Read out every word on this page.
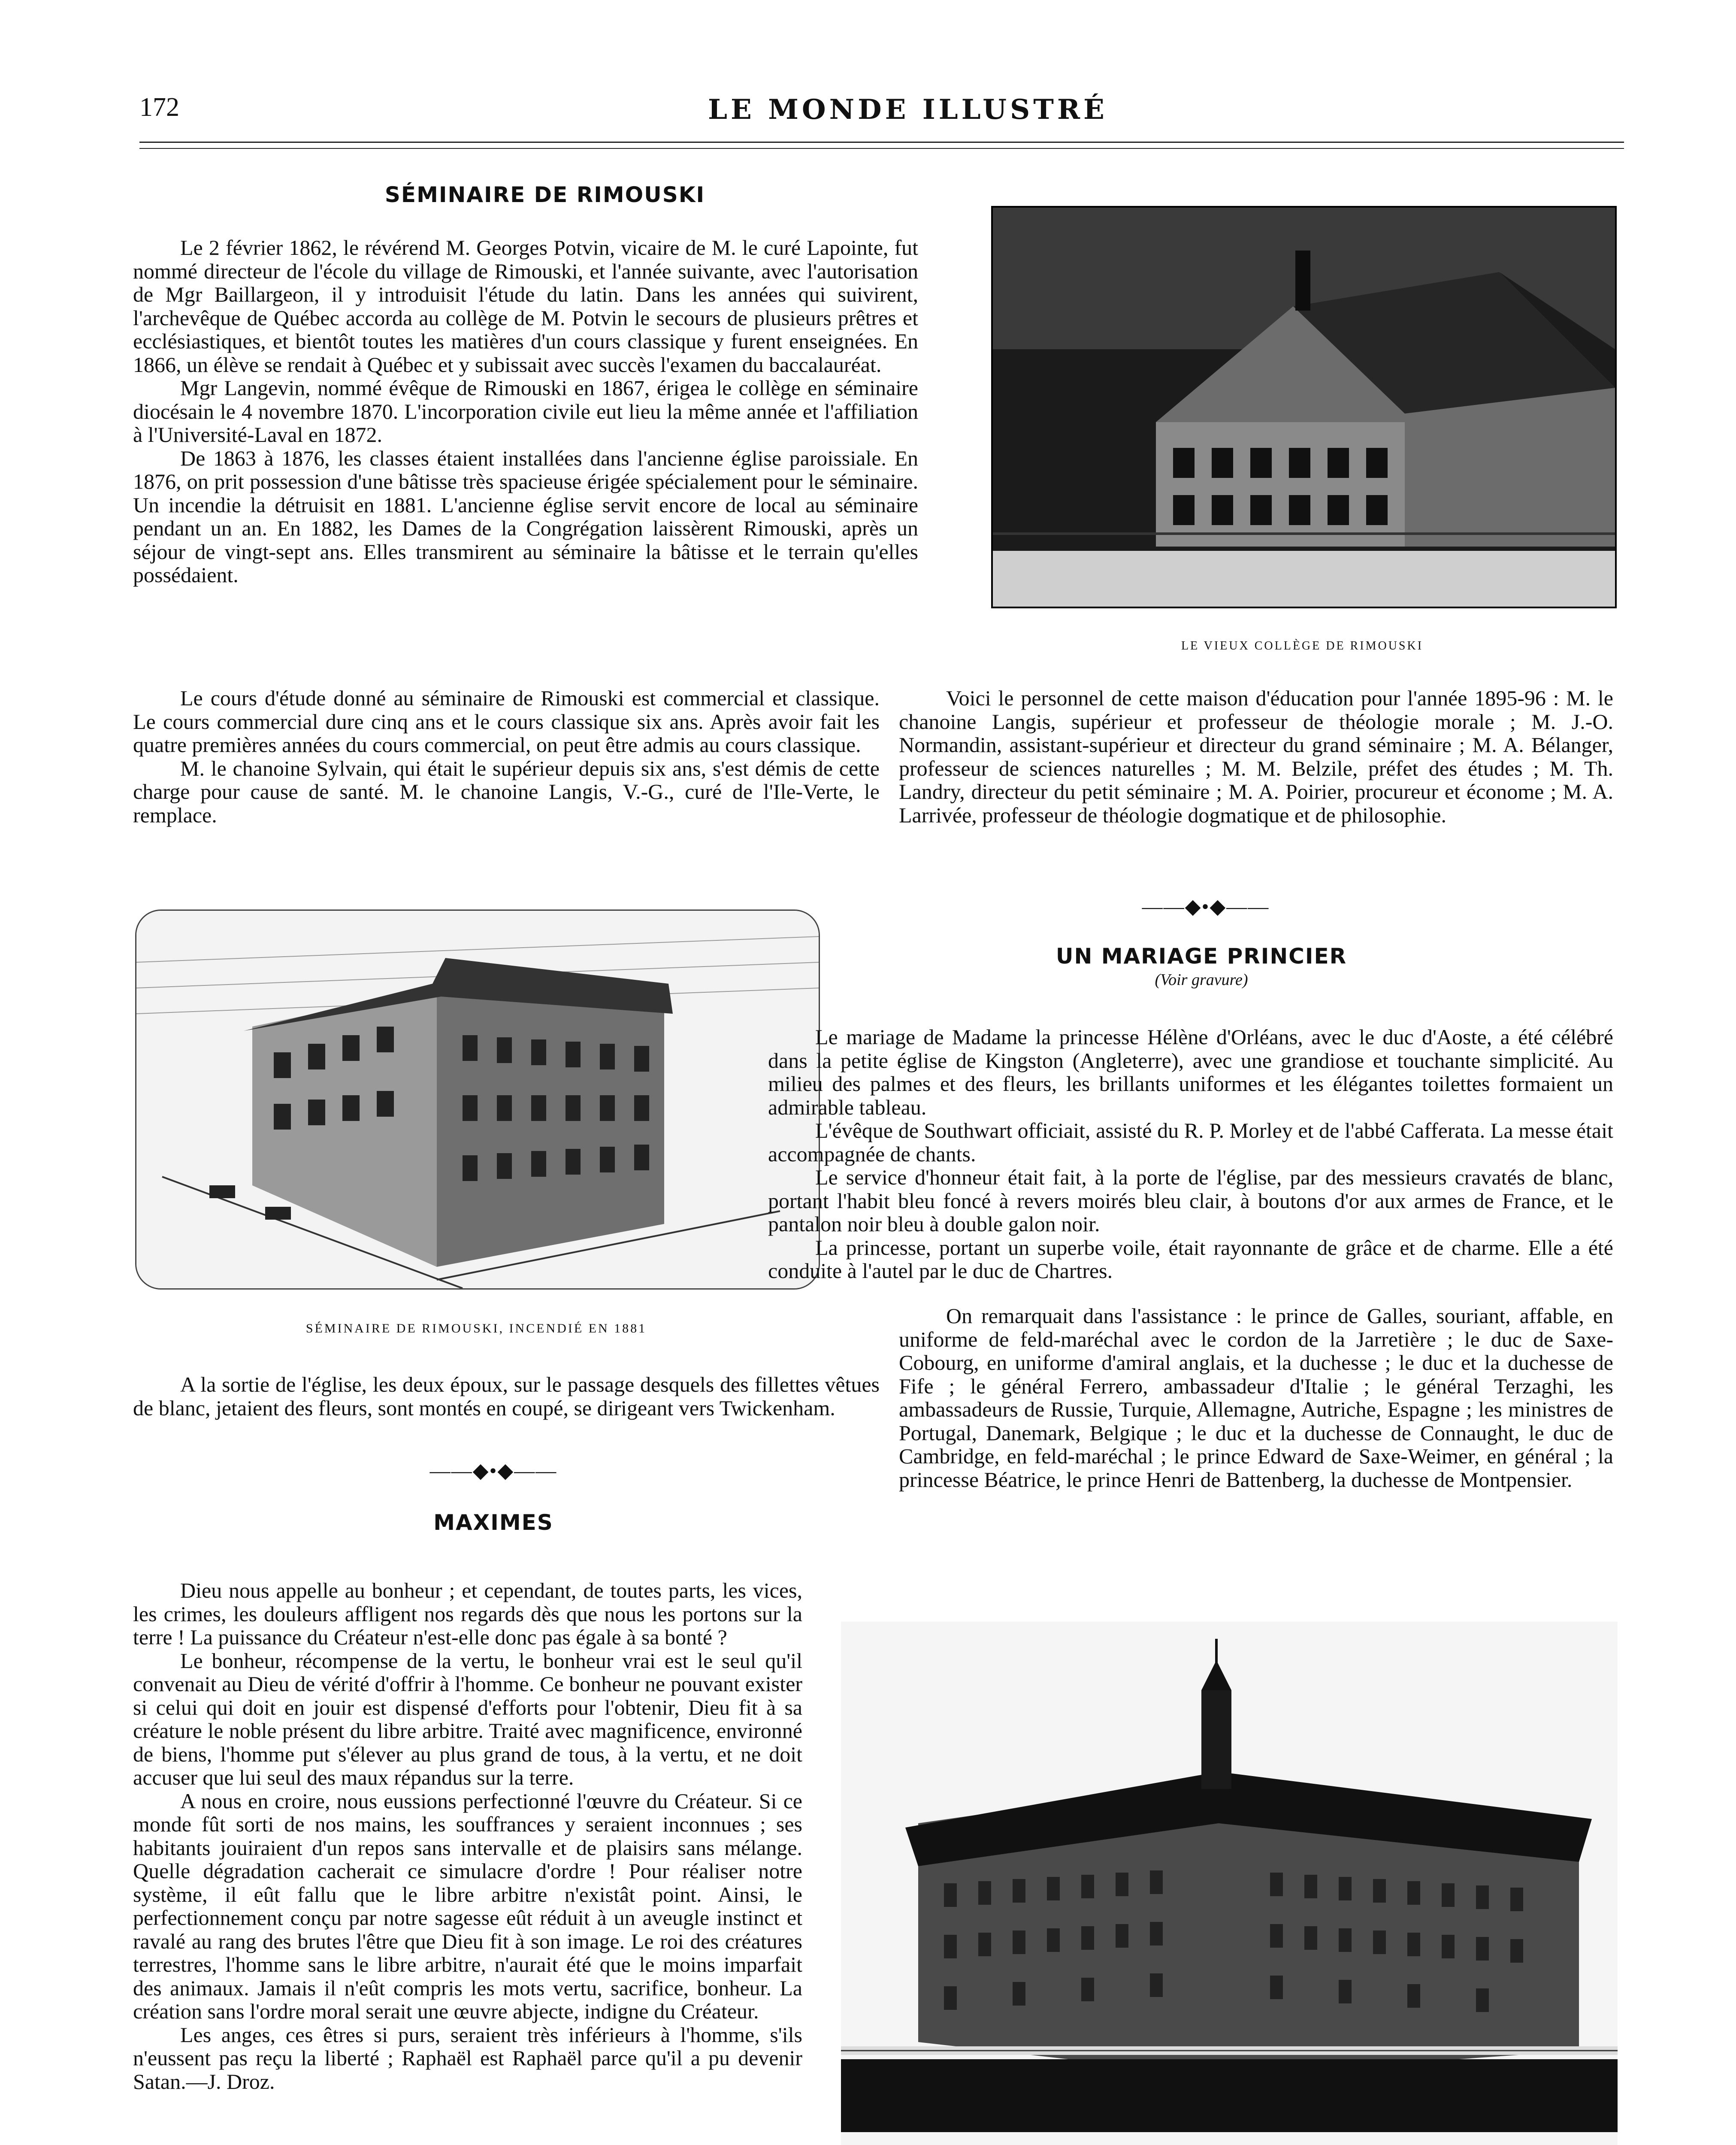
172	LE MONDE ILLUSTRÉ
SÉMINAIRE DE RIMOUSKI

Le 2 février 1862, le révérend M. Georges Potvin, vicaire de M. le curé Lapointe, fut nommé directeur de l'école du village de Rimouski, et l'année suivante, avec l'autorisation de Mgr Baillargeon, il y introduisit l'étude du latin. Dans les années qui suivirent, l'archevêque de Québec accorda au collège de M. Potvin le secours de plusieurs prêtres et ecclésiastiques, et bientôt toutes les matières d'un cours classique y furent enseignées. En 1866, un élève se rendait à Québec et y subissait avec succès l'examen du baccalauréat.

Mgr Langevin, nommé évêque de Rimouski en 1867, érigea le collège en séminaire diocésain le 4 novembre 1870. L'incorporation civile eut lieu la même année et l'affiliation à l'Université-Laval en 1872.

De 1863 à 1876, les classes étaient installées dans l'ancienne église paroissiale. En 1876, on prit possession d'une bâtisse très spacieuse érigée spécialement pour le séminaire. Un incendie la détruisit en 1881. L'ancienne église servit encore de local au séminaire pendant un an. En 1882, les Dames de la Congrégation laissèrent Rimouski, après un séjour de vingt-sept ans. Elles transmirent au séminaire la bâtisse et le terrain qu'elles possédaient.

Le cours d'étude donné au séminaire de Rimouski est commercial et classique. Le cours commercial dure cinq ans et le cours classique six ans. Après avoir fait les quatre premières années du cours commercial, on peut être admis au cours classique.

M. le chanoine Sylvain, qui était le supérieur depuis six ans, s'est démis de cette charge pour cause de santé. M. le chanoine Langis, V.-G., curé de l'Ile-Verte, le remplace.

LE VIEUX COLLÈGE DE RIMOUSKI

Voici le personnel de cette maison d'éducation pour l'année 1895-96 : M. le chanoine Langis, supérieur et professeur de théologie morale ; M. J.-O. Normandin, assistant-supérieur et directeur du grand séminaire ; M. A. Bélanger, professeur de sciences naturelles ; M. M. Belzile, préfet des études ; M. Th. Landry, directeur du petit séminaire ; M. A. Poirier, procureur et économe ; M. A. Larrivée, professeur de théologie dogmatique et de philosophie.

SÉMINAIRE DE RIMOUSKI, INCENDIÉ EN 1881
——◆•◆——
UN MARIAGE PRINCIER
(Voir gravure)

Le mariage de Madame la princesse Hélène d'Orléans, avec le duc d'Aoste, a été célébré dans la petite église de Kingston (Angleterre), avec une grandiose et touchante simplicité. Au milieu des palmes et des fleurs, les brillants uniformes et les élégantes toilettes formaient un admirable tableau.

L'évêque de Southwart officiait, assisté du R. P. Morley et de l'abbé Cafferata. La messe était accompagnée de chants.

Le service d'honneur était fait, à la porte de l'église, par des messieurs cravatés de blanc, portant l'habit bleu foncé à revers moirés bleu clair, à boutons d'or aux armes de France, et le pantalon noir bleu à double galon noir.

La princesse, portant un superbe voile, était rayonnante de grâce et de charme. Elle a été conduite à l'autel par le duc de Chartres.

On remarquait dans l'assistance : le prince de Galles, souriant, affable, en uniforme de feld-maréchal avec le cordon de la Jarretière ; le duc de Saxe-Cobourg, en uniforme d'amiral anglais, et la duchesse ; le duc et la duchesse de Fife ; le général Ferrero, ambassadeur d'Italie ; le général Terzaghi, les ambassadeurs de Russie, Turquie, Allemagne, Autriche, Espagne ; les ministres de Portugal, Danemark, Belgique ; le duc et la duchesse de Connaught, le duc de Cambridge, en feld-maréchal ; le prince Edward de Saxe-Weimer, en général ; la princesse Béatrice, le prince Henri de Battenberg, la duchesse de Montpensier.

A la sortie de l'église, les deux époux, sur le passage desquels des fillettes vêtues de blanc, jetaient des fleurs, sont montés en coupé, se dirigeant vers Twickenham.

——◆•◆——
MAXIMES

Dieu nous appelle au bonheur ; et cependant, de toutes parts, les vices, les crimes, les douleurs affligent nos regards dès que nous les portons sur la terre ! La puissance du Créateur n'est-elle donc pas égale à sa bonté ?

Le bonheur, récompense de la vertu, le bonheur vrai est le seul qu'il convenait au Dieu de vérité d'offrir à l'homme. Ce bonheur ne pouvant exister si celui qui doit en jouir est dispensé d'efforts pour l'obtenir, Dieu fit à sa créature le noble présent du libre arbitre. Traité avec magnificence, environné de biens, l'homme put s'élever au plus grand de tous, à la vertu, et ne doit accuser que lui seul des maux répandus sur la terre.

A nous en croire, nous eussions perfectionné l'œuvre du Créateur. Si ce monde fût sorti de nos mains, les souffrances y seraient inconnues ; ses habitants jouiraient d'un repos sans intervalle et de plaisirs sans mélange. Quelle dégradation cacherait ce simulacre d'ordre ! Pour réaliser notre système, il eût fallu que le libre arbitre n'existât point. Ainsi, le perfectionnement conçu par notre sagesse eût réduit à un aveugle instinct et ravalé au rang des brutes l'être que Dieu fit à son image. Le roi des créatures terrestres, l'homme sans le libre arbitre, n'aurait été que le moins imparfait des animaux. Jamais il n'eût compris les mots vertu, sacrifice, bonheur. La création sans l'ordre moral serait une œuvre abjecte, indigne du Créateur.

Les anges, ces êtres si purs, seraient très inférieurs à l'homme, s'ils n'eussent pas reçu la liberté ; Raphaël est Raphaël parce qu'il a pu devenir Satan.—J. Droz.
